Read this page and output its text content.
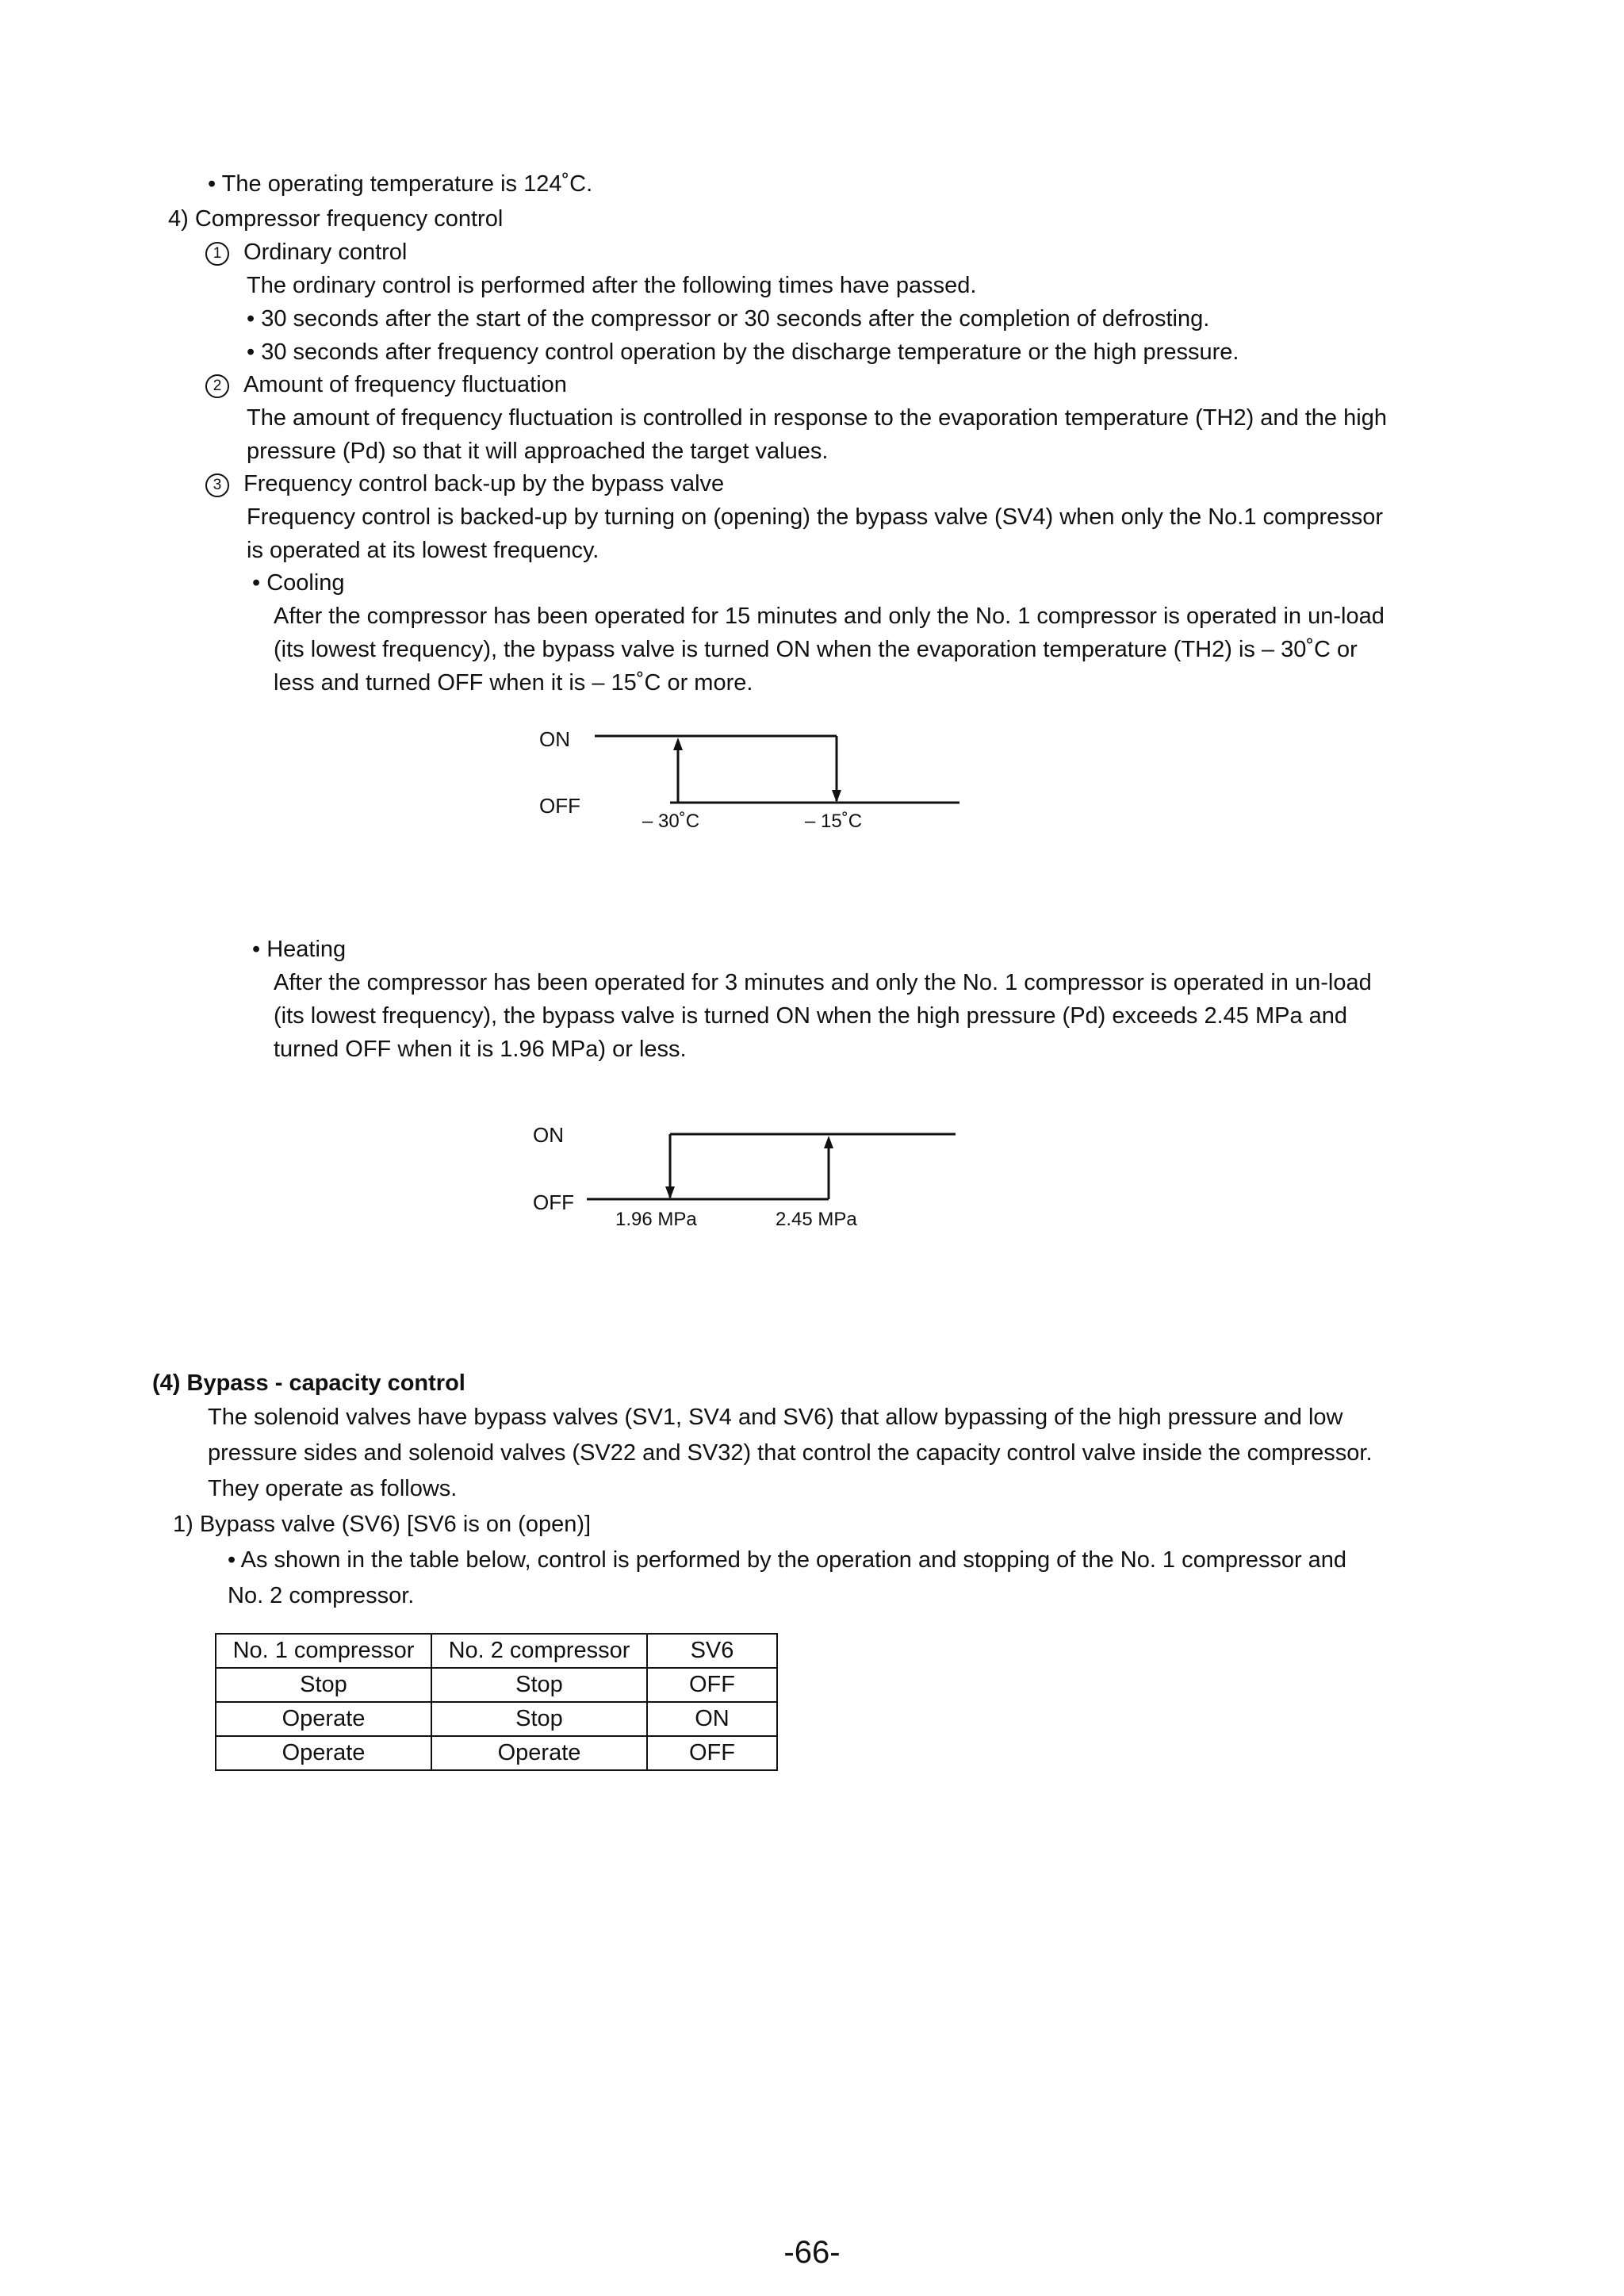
• The operating temperature is 124˚C.
4) Compressor frequency control
1 Ordinary control
The ordinary control is performed after the following times have passed.
• 30 seconds after the start of the compressor or 30 seconds after the completion of defrosting.
• 30 seconds after frequency control operation by the discharge temperature or the high pressure.
2 Amount of frequency fluctuation
The amount of frequency fluctuation is controlled in response to the evaporation temperature (TH2) and the high
pressure (Pd) so that it will approached the target values.
3 Frequency control back-up by the bypass valve
Frequency control is backed-up by turning on (opening) the bypass valve (SV4) when only the No.1 compressor
is operated at its lowest frequency.
• Cooling
After the compressor has been operated for 15 minutes and only the No. 1 compressor is operated in un-load
(its lowest frequency), the bypass valve is turned ON when the evaporation temperature (TH2) is – 30˚C or
less and turned OFF when it is – 15˚C or more.
ON
OFF
– 30˚C	– 15˚C
• Heating
After the compressor has been operated for 3 minutes and only the No. 1 compressor is operated in un-load
(its lowest frequency), the bypass valve is turned ON when the high pressure (Pd) exceeds 2.45 MPa and
turned OFF when it is 1.96 MPa) or less.
ON
OFF
1.96 MPa	2.45 MPa
(4) Bypass - capacity control
The solenoid valves have bypass valves (SV1, SV4 and SV6) that allow bypassing of the high pressure and low
pressure sides and solenoid valves (SV22 and SV32) that control the capacity control valve inside the compressor.
They operate as follows.
1) Bypass valve (SV6) [SV6 is on (open)]
• As shown in the table below, control is performed by the operation and stopping of the No. 1 compressor and
No. 2 compressor.
No. 1 compressor	No. 2 compressor	SV6
Stop	Stop	OFF
Operate	Stop	ON
Operate	Operate	OFF
-66-
